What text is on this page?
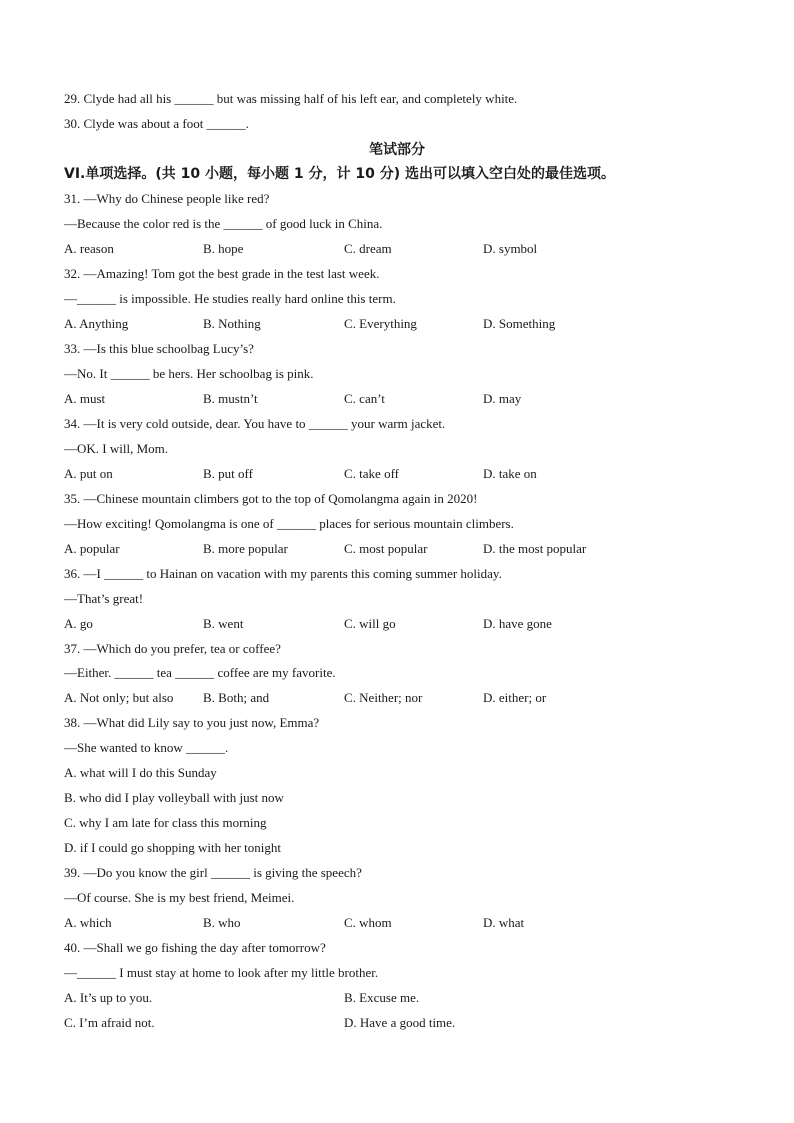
29. Clyde had all his ______ but was missing half of his left ear, and completely white.
30. Clyde was about a foot ______.
笔试部分
VI.单项选择。(共 10 小题，每小题 1 分，计 10 分) 选出可以填入空白处的最佳选项。
31. —Why do Chinese people like red?
—Because the color red is the ______ of good luck in China.
A. reason	B. hope	C. dream	D. symbol
32. —Amazing! Tom got the best grade in the test last week.
—______ is impossible. He studies really hard online this term.
A. Anything	B. Nothing	C. Everything	D. Something
33. —Is this blue schoolbag Lucy’s?
—No. It ______ be hers. Her schoolbag is pink.
A. must	B. mustn’t	C. can’t	D. may
34. —It is very cold outside, dear. You have to ______ your warm jacket.
—OK. I will, Mom.
A. put on	B. put off	C. take off	D. take on
35. —Chinese mountain climbers got to the top of Qomolangma again in 2020!
—How exciting! Qomolangma is one of ______ places for serious mountain climbers.
A. popular	B. more popular	C. most popular	D. the most popular
36. —I ______ to Hainan on vacation with my parents this coming summer holiday.
—That’s great!
A. go	B. went	C. will go	D. have gone
37. —Which do you prefer, tea or coffee?
—Either. ______ tea ______ coffee are my favorite.
A. Not only; but also B. Both; and	C. Neither; nor	D. either; or
38. —What did Lily say to you just now, Emma?
—She wanted to know ______.
A. what will I do this Sunday
B. who did I play volleyball with just now
C. why I am late for class this morning
D. if I could go shopping with her tonight
39. —Do you know the girl ______ is giving the speech?
—Of course. She is my best friend, Meimei.
A. which	B. who	C. whom	D. what
40. —Shall we go fishing the day after tomorrow?
—______ I must stay at home to look after my little brother.
A. It’s up to you.	B. Excuse me.
C. I’m afraid not.	D. Have a good time.
